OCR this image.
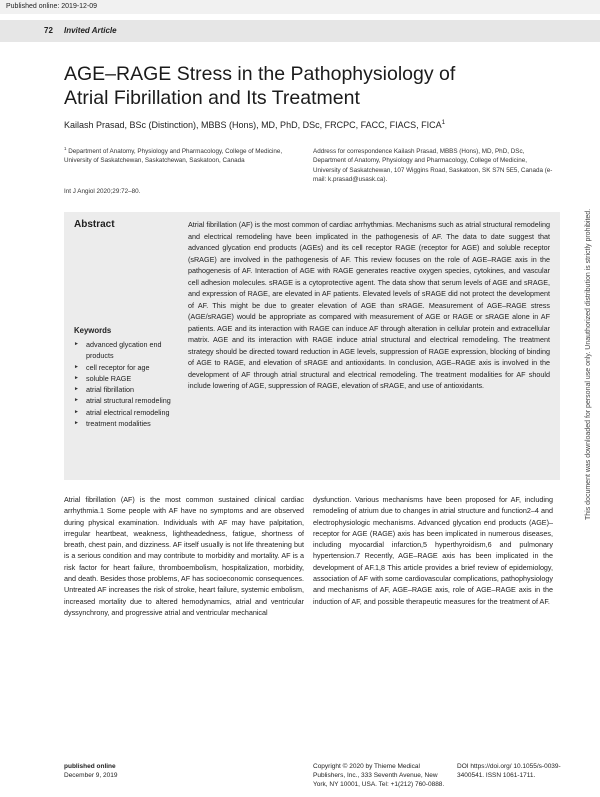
Published online: 2019-12-09
72 Invited Article
AGE–RAGE Stress in the Pathophysiology of Atrial Fibrillation and Its Treatment
Kailash Prasad, BSc (Distinction), MBBS (Hons), MD, PhD, DSc, FRCPC, FACC, FIACS, FICA$^1$
$^1$ Department of Anatomy, Physiology and Pharmacology, College of Medicine, University of Saskatchewan, Saskatchewan, Saskatoon, Canada
Address for correspondence Kailash Prasad, MBBS (Hons), MD, PhD, DSc, Department of Anatomy, Physiology and Pharmacology, College of Medicine, University of Saskatchewan, 107 Wiggins Road, Saskatoon, SK S7N 5E5, Canada (e-mail: k.prasad@usask.ca).
Int J Angiol 2020;29:72–80.
Abstract	Atrial fibrillation (AF) is the most common of cardiac arrhythmias. Mechanisms such as atrial structural remodeling and electrical remodeling have been implicated in the pathogenesis of AF. The data to date suggest that advanced glycation end products (AGEs) and its cell receptor RAGE (receptor for AGE) and soluble receptor (sRAGE) are involved in the pathogenesis of AF. This review focuses on the role of AGE–RAGE axis in the pathogenesis of AF. Interaction of AGE with RAGE generates reactive oxygen species, cytokines, and vascular cell adhesion molecules. sRAGE is a cytoprotective agent. The data show that serum levels of AGE and sRAGE, and expression of RAGE, are elevated in AF patients. Elevated levels of sRAGE did not protect the development of AF. This might be due to greater elevation of AGE than sRAGE. Measurement of AGE–RAGE stress (AGE/sRAGE) would be appropriate as compared with measurement of AGE or RAGE or sRAGE alone in AF patients. AGE and its interaction with RAGE can induce AF through alteration in cellular protein and extracellular matrix. AGE and its interaction with RAGE induce atrial structural and electrical remodeling. The treatment strategy should be directed toward reduction in AGE levels, suppression of RAGE expression, blocking of binding of AGE to RAGE, and elevation of sRAGE and antioxidants. In conclusion, AGE–RAGE axis is involved in the development of AF through atrial structural and electrical remodeling. The treatment modalities for AF should include lowering of AGE, suppression of RAGE, elevation of sRAGE, and use of antioxidants.
Keywords
► advanced glycation end products
► cell receptor for age
► soluble RAGE
► atrial fibrillation
► atrial structural remodeling
► atrial electrical remodeling
► treatment modalities
Atrial fibrillation (AF) is the most common sustained clinical cardiac arrhythmia.1 Some people with AF have no symptoms and are observed during physical examination. Individuals with AF may have palpitation, irregular heartbeat, weakness, lightheadedness, fatigue, shortness of breath, chest pain, and dizziness. AF itself usually is not life threatening but is a serious condition and may contribute to morbidity and mortality. AF is a risk factor for heart failure, thromboembolism, hospitalization, morbidity, and death. Besides those problems, AF has socioeconomic consequences. Untreated AF increases the risk of stroke, heart failure, systemic embolism, increased mortality due to altered hemodynamics, atrial and ventricular dyssynchrony, and progressive atrial and ventricular mechanical
dysfunction. Various mechanisms have been proposed for AF, including remodeling of atrium due to changes in atrial structure and function2–4 and electrophysiologic mechanisms. Advanced glycation end products (AGE)–receptor for AGE (RAGE) axis has been implicated in numerous diseases, including myocardial infarction,5 hyperthyroidism,6 and pulmonary hypertension.7 Recently, AGE–RAGE axis has been implicated in the development of AF.1,8 This article provides a brief review of epidemiology, association of AF with some cardiovascular complications, pathophysiology and mechanisms of AF, AGE–RAGE axis, role of AGE–RAGE axis in the induction of AF, and possible therapeutic measures for the treatment of AF.
published online
December 9, 2019
Copyright © 2020 by Thieme Medical Publishers, Inc., 333 Seventh Avenue, New York, NY 10001, USA. Tel: +1(212) 760-0888.
DOI https://doi.org/ 10.1055/s-0039-3400541. ISSN 1061-1711.
This document was downloaded for personal use only. Unauthorized distribution is strictly prohibited.
